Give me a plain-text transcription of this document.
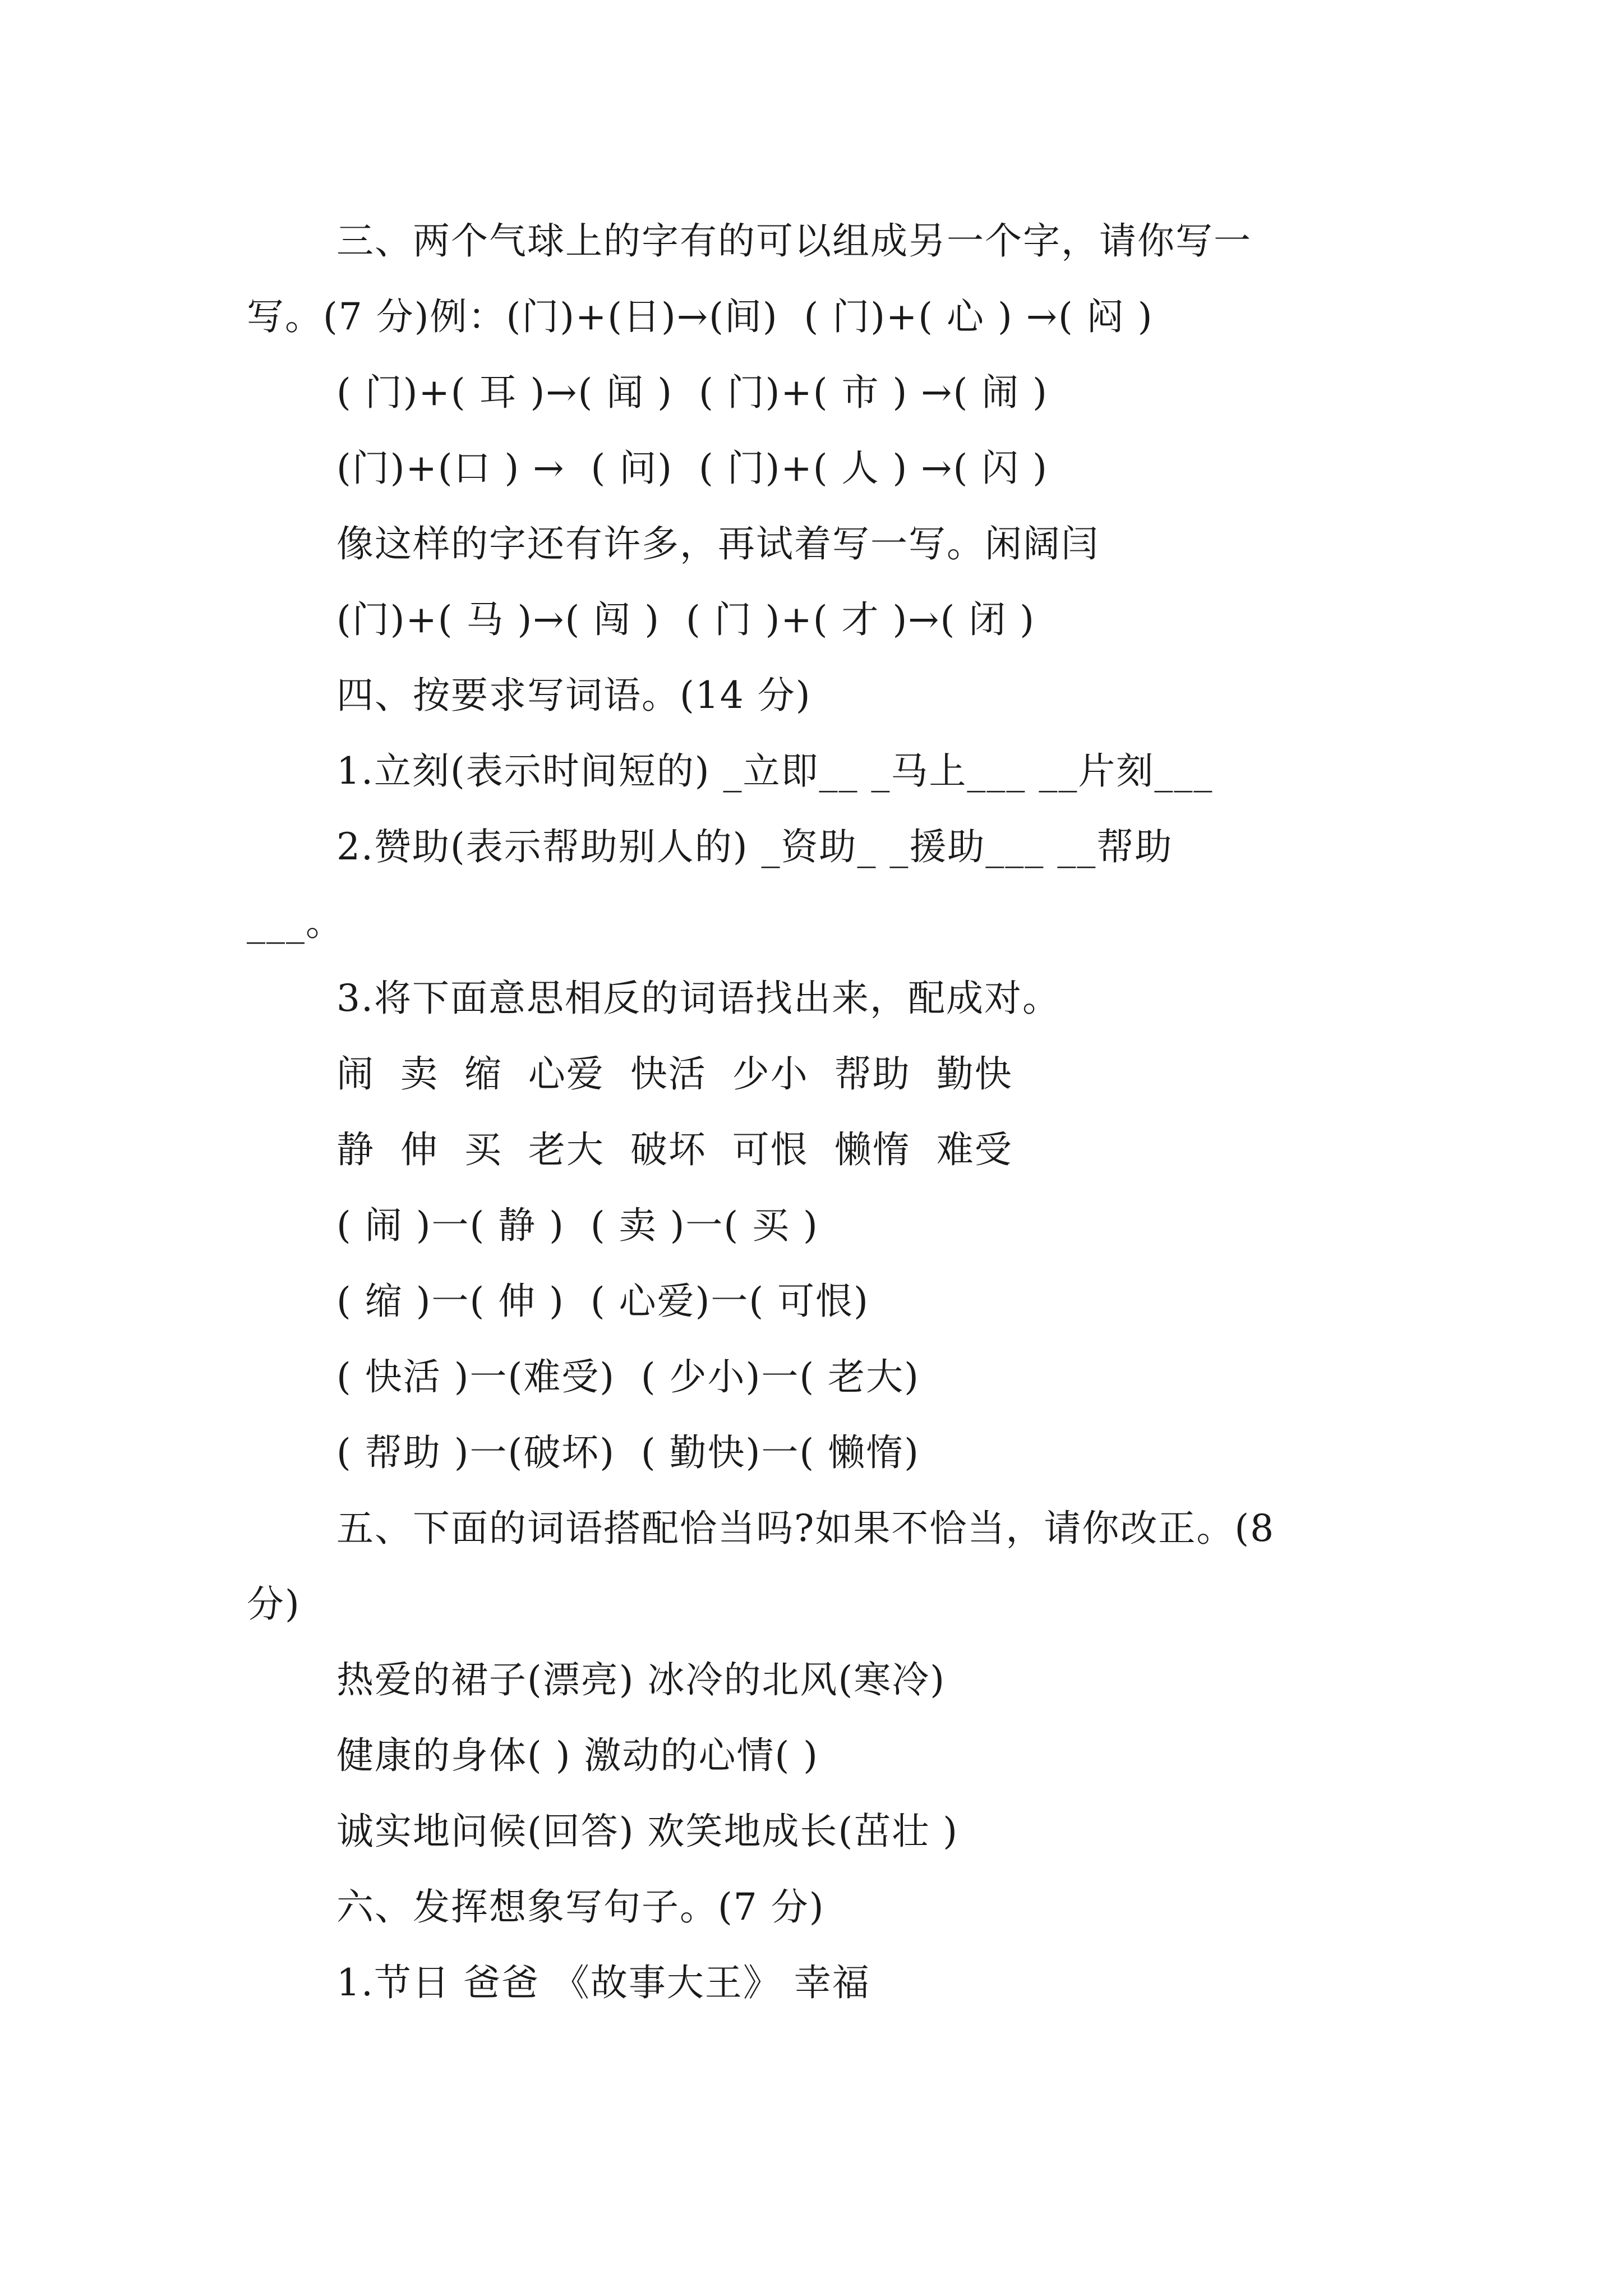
三、两个气球上的字有的可以组成另一个字，请你写一
写。(7 分)例：(门)+(日)→(间)  ( 门)+( 心 ) →( 闷 )
( 门)+( 耳 )→( 闻 )  ( 门)+( 市 ) →( 闹 )
(门)+(口 ) →  ( 问)  ( 门)+( 人 ) →( 闪 )
像这样的字还有许多，再试着写一写。闲阔闫
(门)+( 马 )→( 闯 )  ( 门 )+( 才 )→( 闭 )
四、按要求写词语。(14 分)
1.立刻(表示时间短的) _立即__ _马上___ __片刻___
2.赞助(表示帮助别人的) _资助_ _援助___ __帮助
___。
3.将下面意思相反的词语找出来，配成对。
闹  卖  缩  心爱  快活  少小  帮助  勤快
静  伸  买  老大  破坏  可恨  懒惰  难受
( 闹 )一( 静 )  ( 卖 )一( 买 )
( 缩 )一( 伸 )  ( 心爱)一( 可恨)
( 快活 )一(难受)  ( 少小)一( 老大)
( 帮助 )一(破坏)  ( 勤快)一( 懒惰)
五、下面的词语搭配恰当吗?如果不恰当，请你改正。(8
分)
热爱的裙子(漂亮) 冰冷的北风(寒冷)
健康的身体( ) 激动的心情( )
诚实地问候(回答) 欢笑地成长(茁壮 )
六、发挥想象写句子。(7 分)
1.节日 爸爸 《故事大王》 幸福
